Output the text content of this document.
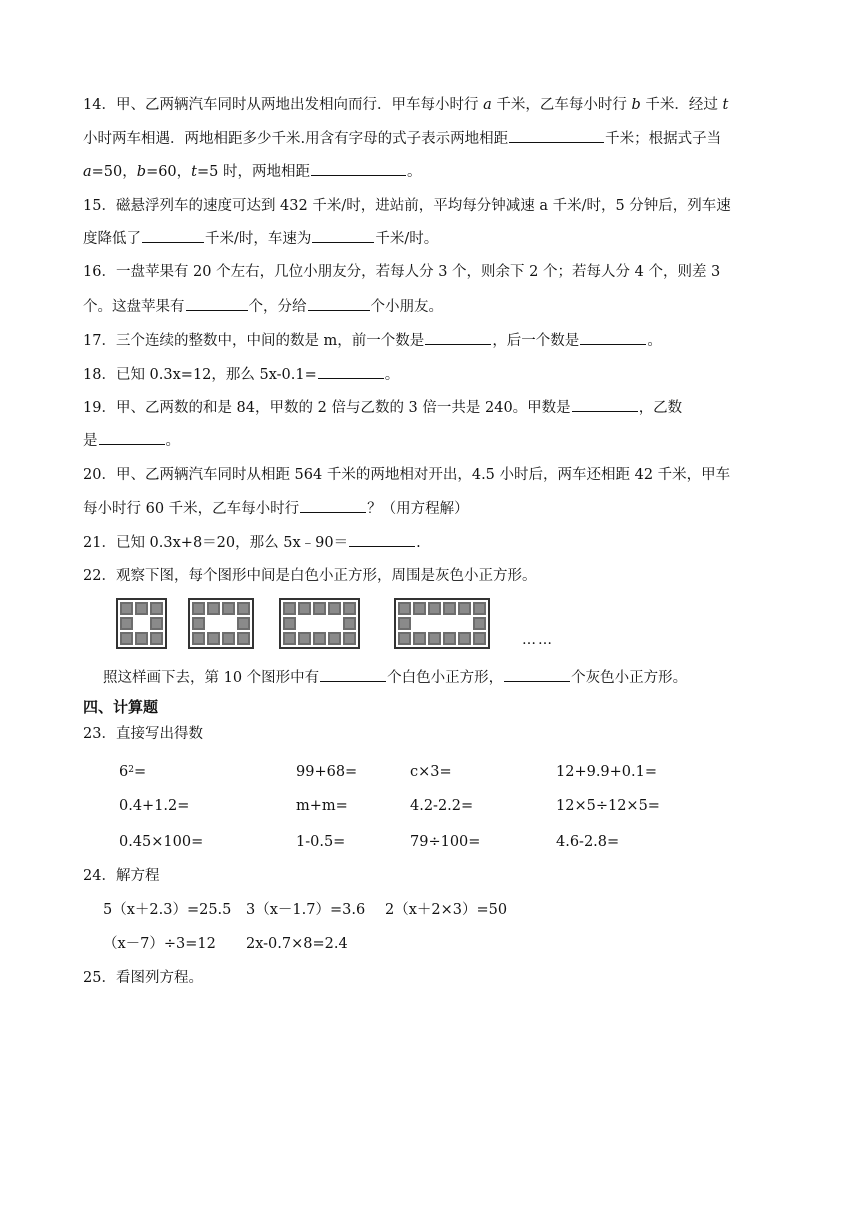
14．甲、乙两辆汽车同时从两地出发相向而行．甲车每小时行 a 千米，乙车每小时行 b 千米．经过 t
小时两车相遇．两地相距多少千米.用含有字母的式子表示两地相距	千米；根据式子当
a=50，b=60，t=5 时，两地相距	。
15．磁悬浮列车的速度可达到 432 千米/时，进站前，平均每分钟减速 a 千米/时，5 分钟后，列车速
度降低了	千米/时，车速为	千米/时。
16．一盘苹果有 20 个左右，几位小朋友分，若每人分 3 个，则余下 2 个；若每人分 4 个，则差 3
个。这盘苹果有	个，分给	个小朋友。
17．三个连续的整数中，中间的数是 m，前一个数是	，后一个数是	。
18．已知 0.3x=12，那么 5x-0.1=	。
19．甲、乙两数的和是 84，甲数的 2 倍与乙数的 3 倍一共是 240。甲数是	，乙数
是	。
20．甲、乙两辆汽车同时从相距 564 千米的两地相对开出，4.5 小时后，两车还相距 42 千米，甲车
每小时行 60 千米，乙车每小时行	？（用方程解）
21．已知 0.3x+8＝20，那么 5x﹣90＝	.
22．观察下图，每个图形中间是白色小正方形，周围是灰色小正方形。
……
照这样画下去，第 10 个图形中有	个白色小正方形，	个灰色小正方形。
四、计算题
23．直接写出得数
$6^2=$	99+68=	c×3=	12+9.9+0.1=
0.4+1.2=	m+m=	4.2-2.2=	12×5÷12×5=
0.45×100=	1-0.5=	79÷100=	4.6-2.8=
24．解方程
5（x＋2.3）=25.5 3（x－1.7）=3.6 2（x＋2×3）=50
（x－7）÷3=12 2x-0.7×8=2.4
25．看图列方程。
